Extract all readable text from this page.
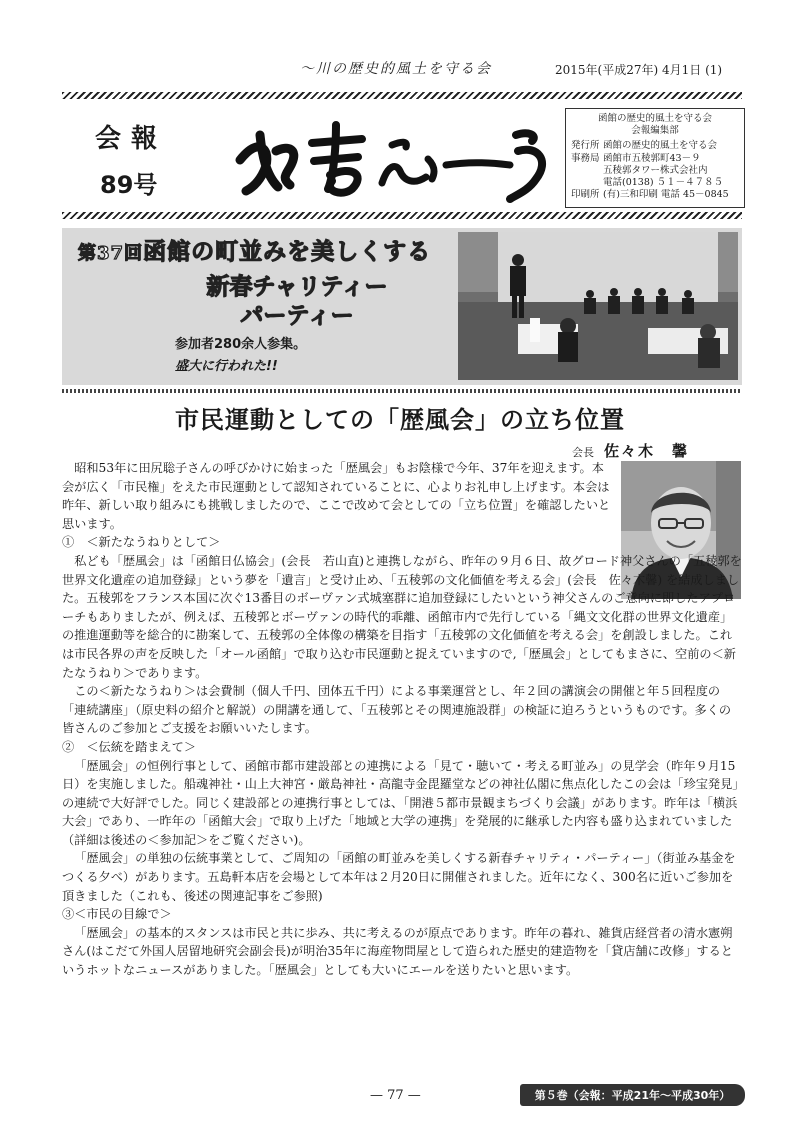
〜川の歴史的風土を守る会	2015年(平成27年) 4月1日 (1)
会報
89号
函館の歴史的風土を守る会
会報編集部
発行所 函館の歴史的風土を守る会
事務局 函館市五稜郭町43－９
五稜郭タワー株式会社内
電話(0138) ５１－４７８５
印刷所 (有)三和印刷 電話 45－0845
第37回函館の町並みを美しくする
新春チャリティー
パーティー
参加者280余人参集。
盛大に行われた!!
市民運動としての「歴風会」の立ち位置
会長 佐々木　馨

昭和53年に田尻聡子さんの呼びかけに始まった「歴風会」もお陰様で今年、37年を迎えます。本会が広く「市民権」をえた市民運動として認知されていることに、心よりお礼申し上げます。本会は昨年、新しい取り組みにも挑戦しましたので、ここで改めて会としての「立ち位置」を確認したいと思います。

①　＜新たなうねりとして＞

私ども「歴風会」は「函館日仏協会」(会長　若山直)と連携しながら、昨年の９月６日、故グロード神父さんの「五稜郭を世界文化遺産の追加登録」という夢を「遺言」と受け止め、「五稜郭の文化価値を考える会」(会長　佐々木馨) を結成しました。五稜郭をフランス本国に次ぐ13番目のボーヴァン式城塞群に追加登録にしたいという神父さんのご意向に即したアプローチもありましたが、例えば、五稜郭とボーヴァンの時代的乖離、函館市内で先行している「縄文文化群の世界文化遺産」の推進運動等を総合的に勘案して、五稜郭の全体像の構築を目指す「五稜郭の文化価値を考える会」を創設しました。これは市民各界の声を反映した「オール函館」で取り込む市民運動と捉えていますので,「歴風会」としてもまさに、空前の＜新たなうねり＞であります。

この＜新たなうねり＞は会費制（個人千円、団体五千円）による事業運営とし、年２回の講演会の開催と年５回程度の「連続講座」（原史料の紹介と解説）の開講を通して、「五稜郭とその関連施設群」の検証に迫ろうというものです。多くの皆さんのご参加とご支援をお願いいたします。

②　＜伝統を踏まえて＞

「歴風会」の恒例行事として、函館市都市建設部との連携による「見て・聴いて・考える町並み」の見学会（昨年９月15日）を実施しました。船魂神社・山上大神宮・厳島神社・高龍寺金毘羅堂などの神社仏閣に焦点化したこの会は「珍宝発見」の連続で大好評でした。同じく建設部との連携行事としては、「開港５都市景観まちづくり会議」があります。昨年は「横浜大会」であり、一昨年の「函館大会」で取り上げた「地域と大学の連携」を発展的に継承した内容も盛り込まれていました（詳細は後述の＜参加記＞をご覧ください)。

「歴風会」の単独の伝統事業として、ご周知の「函館の町並みを美しくする新春チャリティ・パーティー」（街並み基金をつくる夕べ）があります。五島軒本店を会場として本年は２月20日に開催されました。近年になく、300名に近いご参加を頂きました（これも、後述の関連記事をご参照)

③＜市民の目線で＞

「歴風会」の基本的スタンスは市民と共に歩み、共に考えるのが原点であります。昨年の暮れ、雑貨店経営者の清水憲朔さん(はこだて外国人居留地研究会副会長)が明治35年に海産物問屋として造られた歴史的建造物を「貸店舗に改修」するというホットなニュースがありました。「歴風会」としても大いにエールを送りたいと思います。

— 77 —	第５巻（会報：平成21年〜平成30年）
